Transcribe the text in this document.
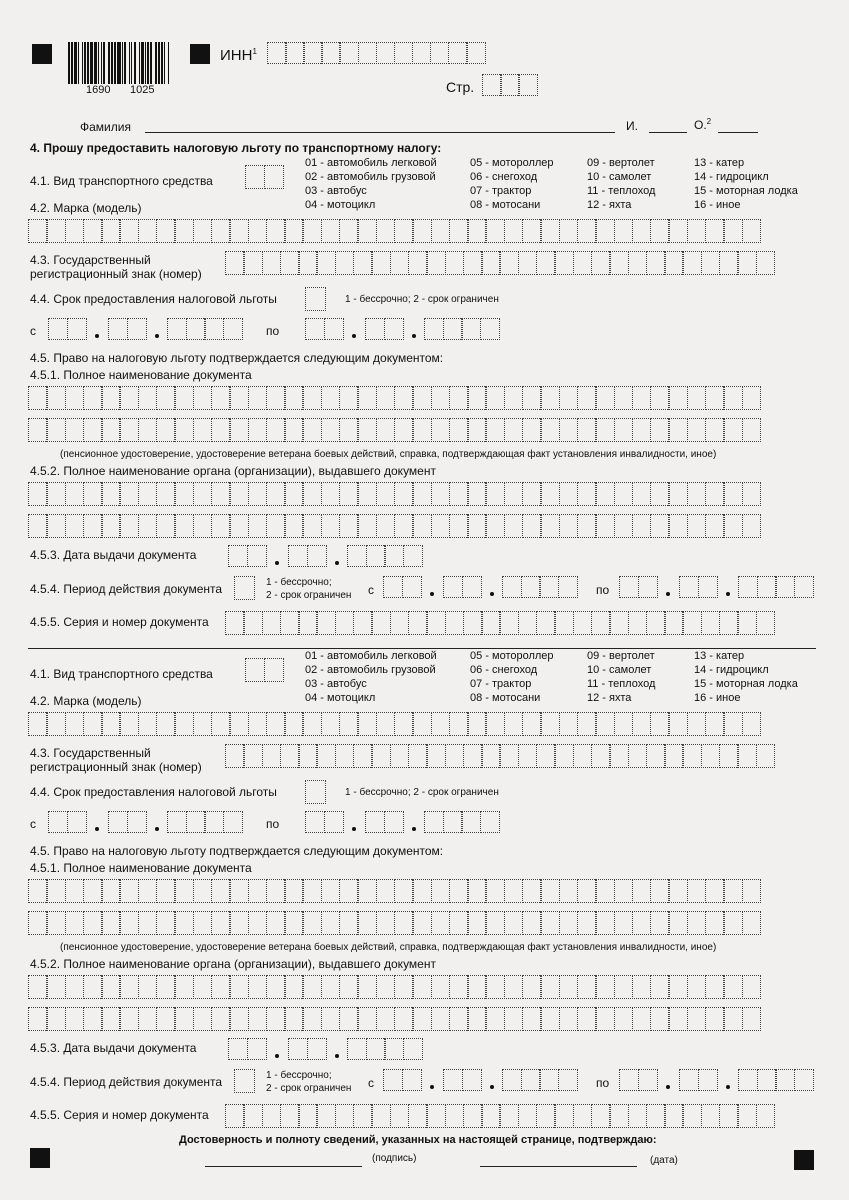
1690 1025
ИНН$^1$
Стр.
Фамилия	И.	О.$^2$
4. Прошу предоставить налоговую льготу по транспортному налогу:
4.1. Вид транспортного средства
01 - автомобиль легковой
02 - автомобиль грузовой
03 - автобус
04 - мотоцикл
05 - мотороллер
06 - снегоход
07 - трактор
08 - мотосани
09 - вертолет
10 - самолет
11 - теплоход
12 - яхта
13 - катер
14 - гидроцикл
15 - моторная лодка
16 - иное
4.2. Марка (модель)
4.3. Государственный
регистрационный знак (номер)
4.4. Срок предоставления налоговой льготы	1 - бессрочно; 2 - срок ограничен
с	по
4.5. Право на налоговую льготу подтверждается следующим документом:
4.5.1. Полное наименование документа
(пенсионное удостоверение, удостоверение ветерана боевых действий, справка, подтверждающая факт установления инвалидности, иное)
4.5.2. Полное наименование органа (организации), выдавшего документ
4.5.3. Дата выдачи документа
4.5.4. Период действия документа	1 - бессрочно;
2 - срок ограничен с	по
4.5.5. Серия и номер документа
4.1. Вид транспортного средства
01 - автомобиль легковой
02 - автомобиль грузовой
03 - автобус
04 - мотоцикл
05 - мотороллер
06 - снегоход
07 - трактор
08 - мотосани
09 - вертолет
10 - самолет
11 - теплоход
12 - яхта
13 - катер
14 - гидроцикл
15 - моторная лодка
16 - иное
4.2. Марка (модель)
4.3. Государственный
регистрационный знак (номер)
4.4. Срок предоставления налоговой льготы	1 - бессрочно; 2 - срок ограничен
с	по
4.5. Право на налоговую льготу подтверждается следующим документом:
4.5.1. Полное наименование документа
(пенсионное удостоверение, удостоверение ветерана боевых действий, справка, подтверждающая факт установления инвалидности, иное)
4.5.2. Полное наименование органа (организации), выдавшего документ
4.5.3. Дата выдачи документа
4.5.4. Период действия документа	1 - бессрочно;
2 - срок ограничен с	по
4.5.5. Серия и номер документа
Достоверность и полноту сведений, указанных на настоящей странице, подтверждаю:
(подпись)	(дата)
